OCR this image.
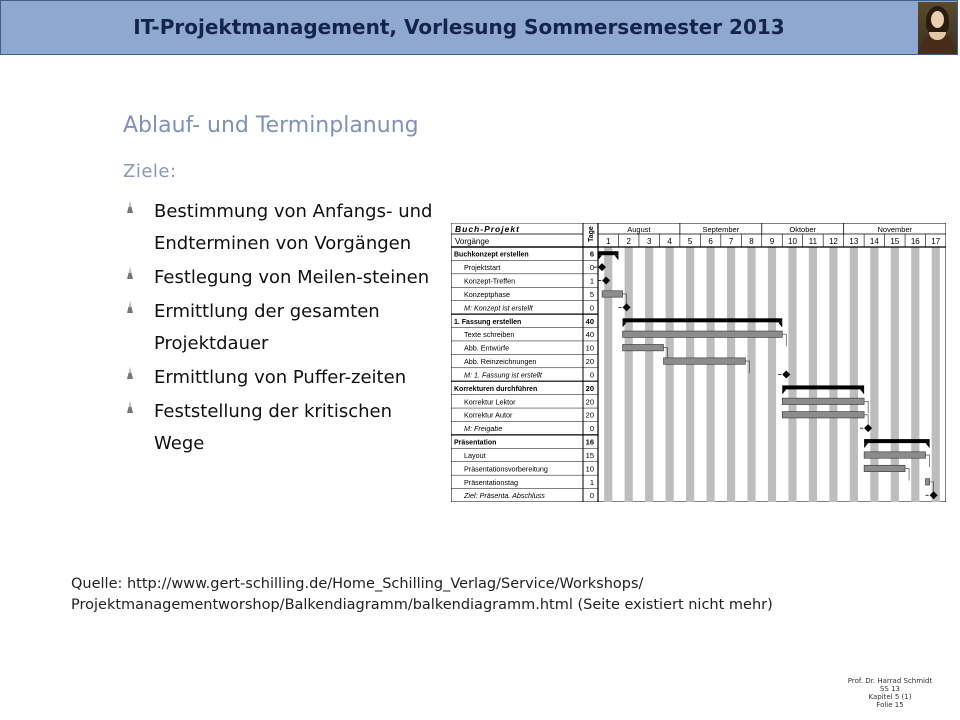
IT-Projektmanagement, Vorlesung Sommersemester 2013
Ablauf- und Terminplanung
Ziele:
Bestimmung von Anfangs- und Endterminen von Vorgängen
Festlegung von Meilen-steinen
Ermittlung der gesamten Projektdauer
Ermittlung von Puffer-zeiten
Feststellung der kritischen Wege
Buch-Projekt
Vorgänge	Tage	August	September	Oktober	November
1 2 3 4 5 6 7 8 9 10 11 12 13 14 15 16 17
Buchkonzept erstellen	6
Projektstart	0
Konzept-Treffen	1
Konzeptphase	5
M: Konzept ist erstellt	0
1. Fassung erstellen	40
Texte schreiben	40
Abb. Entwürfe	10
Abb. Reinzeichnungen	20
M: 1. Fassung ist erstellt	0
Korrekturen durchführen	20
Korrektur Lektor	20
Korrektur Autor	20
M: Freigabe	0
Präsentation	16
Layout	15
Präsentationsvorbereitung	10
Präsentationstag	1
Ziel: Präsenta. Abschluss	0
Quelle: http://www.gert-schilling.de/Home_Schilling_Verlag/Service/Workshops/
Projektmanagementworshop/Balkendiagramm/balkendiagramm.html (Seite existiert nicht mehr)
Prof. Dr. Harrad Schmidt
SS 13
Kapitel 5 (1)
Folie 15
